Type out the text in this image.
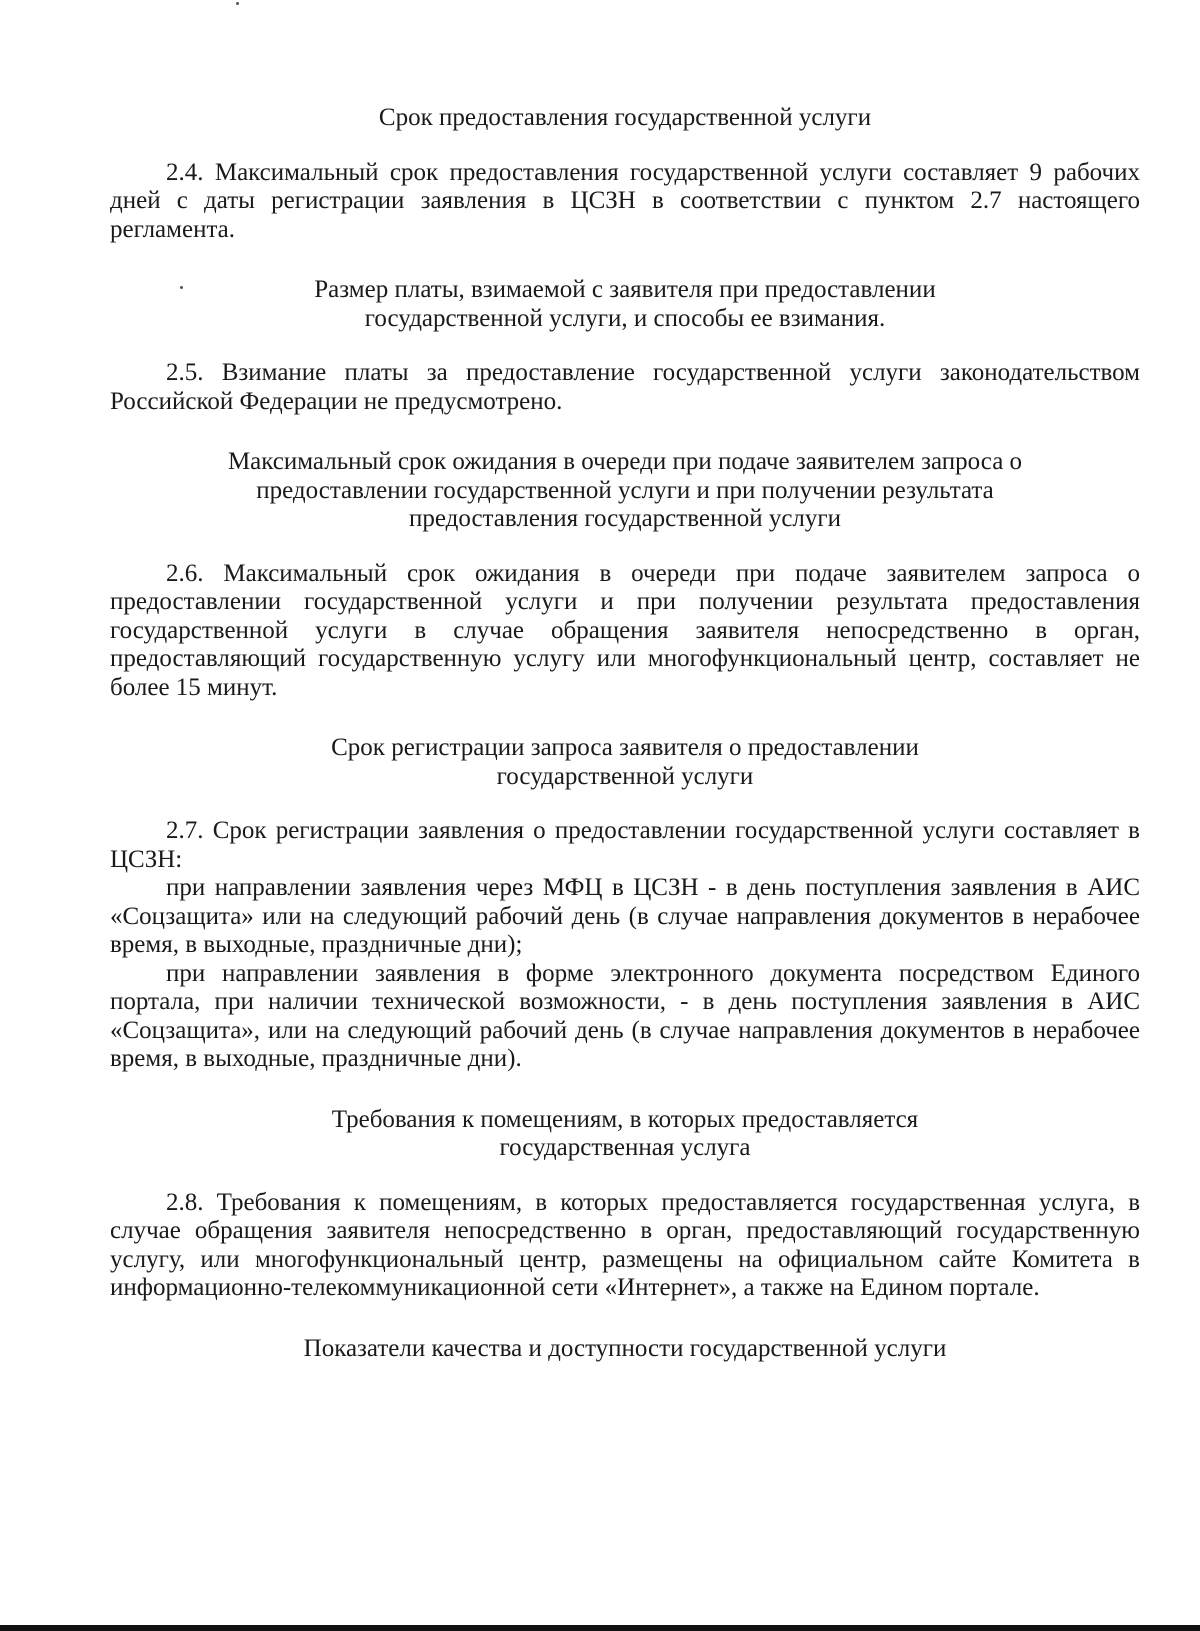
Срок предоставления государственной услуги

2.4. Максимальный срок предоставления государственной услуги составляет 9 рабочих дней с даты регистрации заявления в ЦСЗН в соответствии с пунктом 2.7 настоящего регламента.

Размер платы, взимаемой с заявителя при предоставлении
государственной услуги, и способы ее взимания.

2.5. Взимание платы за предоставление государственной услуги законодательством Российской Федерации не предусмотрено.

Максимальный срок ожидания в очереди при подаче заявителем запроса о
предоставлении государственной услуги и при получении результата
предоставления государственной услуги

2.6. Максимальный срок ожидания в очереди при подаче заявителем запроса о предоставлении государственной услуги и при получении результата предоставления государственной услуги в случае обращения заявителя непосредственно в орган, предоставляющий государственную услугу или многофункциональный центр, составляет не более 15 минут.

Срок регистрации запроса заявителя о предоставлении
государственной услуги

2.7. Срок регистрации заявления о предоставлении государственной услуги составляет в ЦСЗН:

при направлении заявления через МФЦ в ЦСЗН - в день поступления заявления в АИС «Соцзащита» или на следующий рабочий день (в случае направления документов в нерабочее время, в выходные, праздничные дни);

при направлении заявления в форме электронного документа посредством Единого портала, при наличии технической возможности, - в день поступления заявления в АИС «Соцзащита», или на следующий рабочий день (в случае направления документов в нерабочее время, в выходные, праздничные дни).

Требования к помещениям, в которых предоставляется
государственная услуга

2.8. Требования к помещениям, в которых предоставляется государственная услуга, в случае обращения заявителя непосредственно в орган, предоставляющий государственную услугу, или многофункциональный центр, размещены на официальном сайте Комитета в информационно-телекоммуникационной сети «Интернет», а также на Едином портале.

Показатели качества и доступности государственной услуги
